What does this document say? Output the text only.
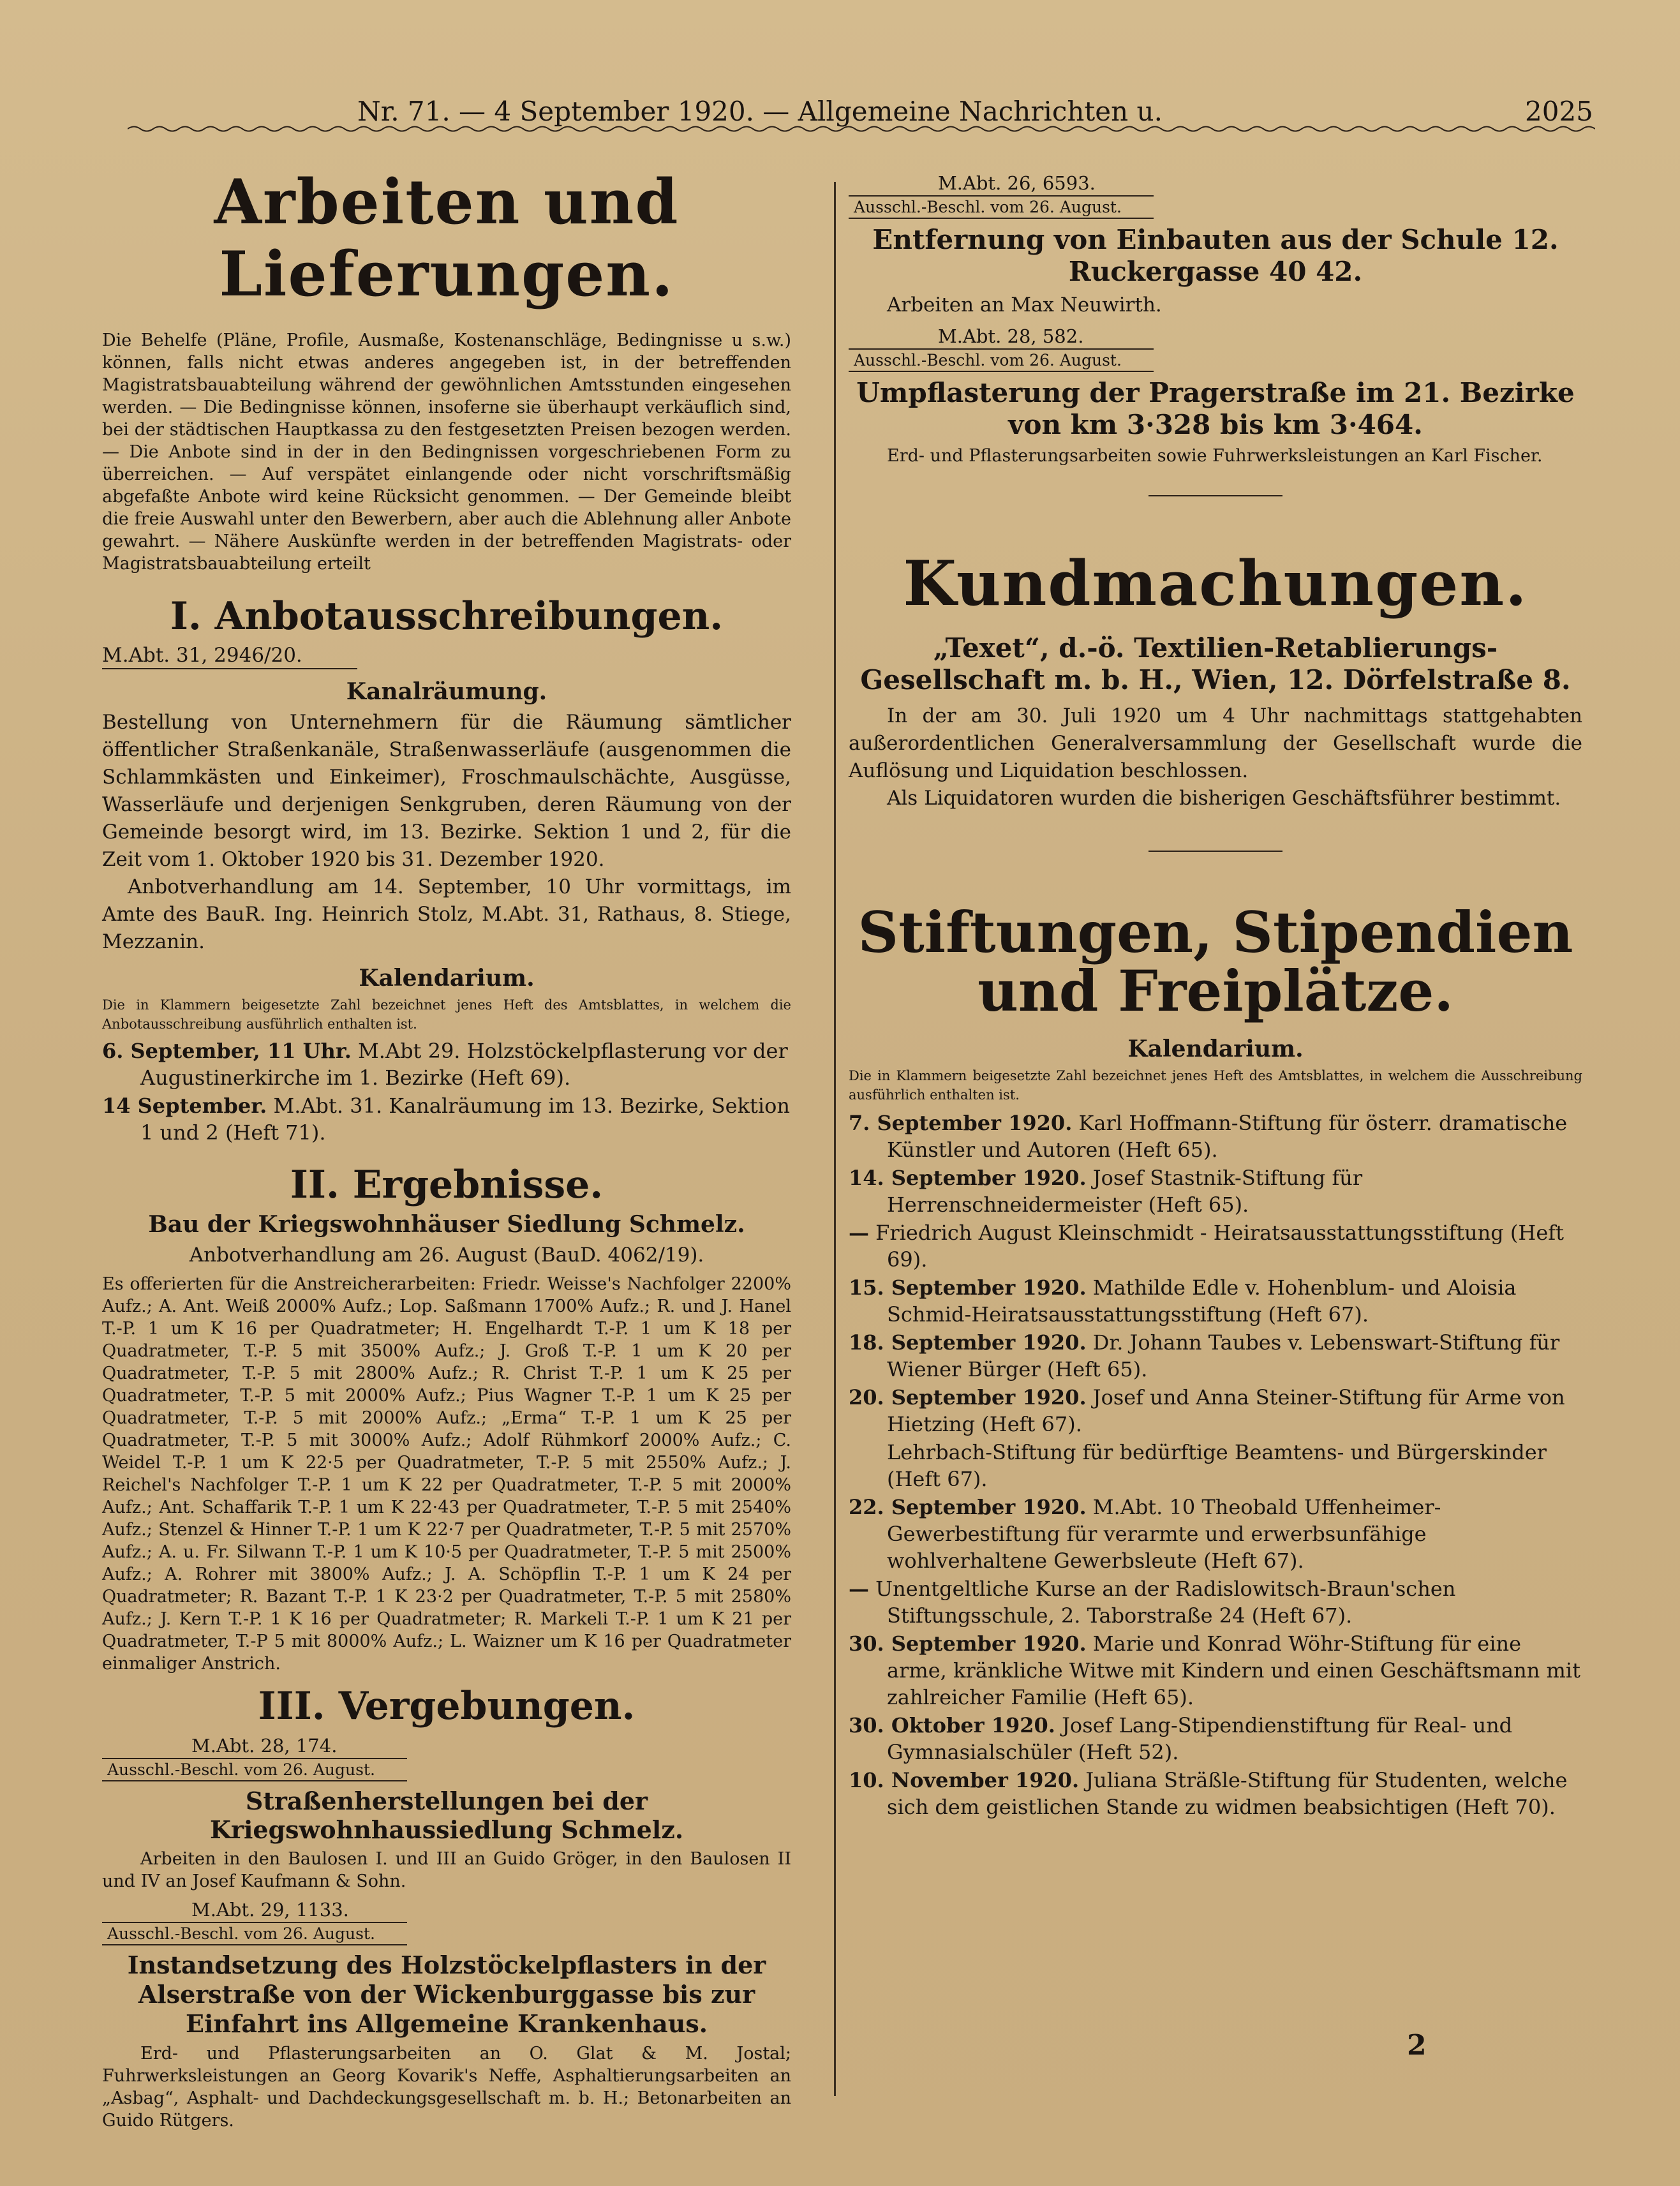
Nr. 71. — 4 September 1920. — Allgemeine Nachrichten u.	2025
Arbeiten und Lieferungen.

Die Behelfe (Pläne, Profile, Ausmaße, Kostenanschläge, Bedingnisse u s.w.) können, falls nicht etwas anderes angegeben ist, in der betreffenden Magistratsbauabteilung während der gewöhnlichen Amtsstunden eingesehen werden. — Die Bedingnisse können, insoferne sie überhaupt verkäuflich sind, bei der städtischen Hauptkassa zu den festgesetzten Preisen bezogen werden. — Die Anbote sind in der in den Bedingnissen vorgeschriebenen Form zu überreichen. — Auf verspätet einlangende oder nicht vorschriftsmäßig abgefaßte Anbote wird keine Rücksicht genommen. — Der Gemeinde bleibt die freie Auswahl unter den Bewerbern, aber auch die Ablehnung aller Anbote gewahrt. — Nähere Auskünfte werden in der betreffenden Magistrats- oder Magistratsbauabteilung erteilt

I. Anbotausschreibungen.
M.Abt. 31, 2946/20.
Kanalräumung.

Bestellung von Unternehmern für die Räumung sämtlicher öffentlicher Straßenkanäle, Straßenwasserläufe (ausgenommen die Schlammkästen und Einkeimer), Froschmaulschächte, Ausgüsse, Wasserläufe und derjenigen Senkgruben, deren Räumung von der Gemeinde besorgt wird, im 13. Bezirke. Sektion 1 und 2, für die Zeit vom 1. Oktober 1920 bis 31. Dezember 1920.

Anbotverhandlung am 14. September, 10 Uhr vormittags, im Amte des BauR. Ing. Heinrich Stolz, M.Abt. 31, Rathaus, 8. Stiege, Mezzanin.

Kalendarium.

Die in Klammern beigesetzte Zahl bezeichnet jenes Heft des Amtsblattes, in welchem die Anbotausschreibung ausführlich enthalten ist.

6. September, 11 Uhr. M.Abt 29. Holzstöckelpflasterung vor der Augustinerkirche im 1. Bezirke (Heft 69).
14 September. M.Abt. 31. Kanalräumung im 13. Bezirke, Sektion 1 und 2 (Heft 71).
II. Ergebnisse.
Bau der Kriegswohnhäuser Siedlung Schmelz.
Anbotverhandlung am 26. August (BauD. 4062/19).

Es offerierten für die Anstreicherarbeiten: Friedr. Weisse's Nachfolger 2200% Aufz.; A. Ant. Weiß 2000% Aufz.; Lop. Saßmann 1700% Aufz.; R. und J. Hanel T.-P. 1 um K 16 per Quadratmeter; H. Engelhardt T.-P. 1 um K 18 per Quadratmeter, T.-P. 5 mit 3500% Aufz.; J. Groß T.-P. 1 um K 20 per Quadratmeter, T.-P. 5 mit 2800% Aufz.; R. Christ T.-P. 1 um K 25 per Quadratmeter, T.-P. 5 mit 2000% Aufz.; Pius Wagner T.-P. 1 um K 25 per Quadratmeter, T.-P. 5 mit 2000% Aufz.; „Erma“ T.-P. 1 um K 25 per Quadratmeter, T.-P. 5 mit 3000% Aufz.; Adolf Rühmkorf 2000% Aufz.; C. Weidel T.-P. 1 um K 22·5 per Quadratmeter, T.-P. 5 mit 2550% Aufz.; J. Reichel's Nachfolger T.-P. 1 um K 22 per Quadratmeter, T.-P. 5 mit 2000% Aufz.; Ant. Schaffarik T.-P. 1 um K 22·43 per Quadratmeter, T.-P. 5 mit 2540% Aufz.; Stenzel & Hinner T.-P. 1 um K 22·7 per Quadratmeter, T.-P. 5 mit 2570% Aufz.; A. u. Fr. Silwann T.-P. 1 um K 10·5 per Quadratmeter, T.-P. 5 mit 2500% Aufz.; A. Rohrer mit 3800% Aufz.; J. A. Schöpflin T.-P. 1 um K 24 per Quadratmeter; R. Bazant T.-P. 1 K 23·2 per Quadratmeter, T.-P. 5 mit 2580% Aufz.; J. Kern T.-P. 1 K 16 per Quadratmeter; R. Markeli T.-P. 1 um K 21 per Quadratmeter, T.-P 5 mit 8000% Aufz.; L. Waizner um K 16 per Quadratmeter einmaliger Anstrich.

III. Vergebungen.
M.Abt. 28, 174.
Ausschl.-Beschl. vom 26. August.
Straßenherstellungen bei der Kriegswohnhaussiedlung Schmelz.

Arbeiten in den Baulosen I. und III an Guido Gröger, in den Baulosen II und IV an Josef Kaufmann & Sohn.

M.Abt. 29, 1133.
Ausschl.-Beschl. vom 26. August.
Instandsetzung des Holzstöckelpflasters in der Alserstraße von der Wickenburggasse bis zur Einfahrt ins Allgemeine Krankenhaus.

Erd- und Pflasterungsarbeiten an O. Glat & M. Jostal; Fuhrwerksleistungen an Georg Kovarik's Neffe, Asphaltierungsarbeiten an „Asbag“, Asphalt- und Dachdeckungsgesellschaft m. b. H.; Betonarbeiten an Guido Rütgers.

M.Abt. 26, 6593.
Ausschl.-Beschl. vom 26. August.
Entfernung von Einbauten aus der Schule 12. Ruckergasse 40 42.

Arbeiten an Max Neuwirth.

M.Abt. 28, 582.
Ausschl.-Beschl. vom 26. August.
Umpflasterung der Pragerstraße im 21. Bezirke von km 3·328 bis km 3·464.

Erd- und Pflasterungsarbeiten sowie Fuhrwerksleistungen an Karl Fischer.

Kundmachungen.
„Texet“, d.-ö. Textilien-Retablierungs-Gesellschaft m. b. H., Wien, 12. Dörfelstraße 8.

In der am 30. Juli 1920 um 4 Uhr nachmittags stattgehabten außerordentlichen Generalversammlung der Gesellschaft wurde die Auflösung und Liquidation beschlossen.

Als Liquidatoren wurden die bisherigen Geschäftsführer bestimmt.

Stiftungen, Stipendien und Freiplätze.
Kalendarium.

Die in Klammern beigesetzte Zahl bezeichnet jenes Heft des Amtsblattes, in welchem die Ausschreibung ausführlich enthalten ist.

7. September 1920. Karl Hoffmann-Stiftung für österr. dramatische Künstler und Autoren (Heft 65).
14. September 1920. Josef Stastnik-Stiftung für Herrenschneidermeister (Heft 65).
— Friedrich August Kleinschmidt - Heiratsausstattungsstiftung (Heft 69).
15. September 1920. Mathilde Edle v. Hohenblum- und Aloisia Schmid-Heiratsausstattungsstiftung (Heft 67).
18. September 1920. Dr. Johann Taubes v. Lebenswart-Stiftung für Wiener Bürger (Heft 65).
20. September 1920. Josef und Anna Steiner-Stiftung für Arme von Hietzing (Heft 67).
Lehrbach-Stiftung für bedürftige Beamtens- und Bürgerskinder (Heft 67).
22. September 1920. M.Abt. 10 Theobald Uffenheimer-Gewerbestiftung für verarmte und erwerbsunfähige wohlverhaltene Gewerbsleute (Heft 67).
— Unentgeltliche Kurse an der Radislowitsch-Braun'schen Stiftungsschule, 2. Taborstraße 24 (Heft 67).
30. September 1920. Marie und Konrad Wöhr-Stiftung für eine arme, kränkliche Witwe mit Kindern und einen Geschäftsmann mit zahlreicher Familie (Heft 65).
30. Oktober 1920. Josef Lang-Stipendienstiftung für Real- und Gymnasialschüler (Heft 52).
10. November 1920. Juliana Sträßle-Stiftung für Studenten, welche sich dem geistlichen Stande zu widmen beabsichtigen (Heft 70).
2
